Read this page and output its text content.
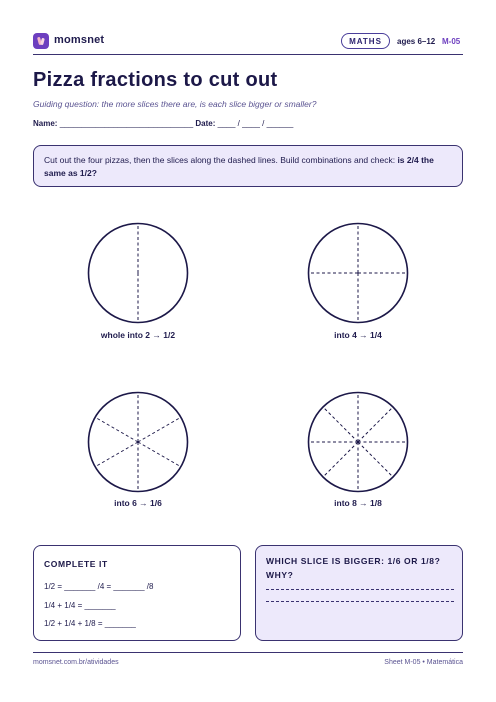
momsnet	MATHS	ages 6–12 M-05
Pizza fractions to cut out
Guiding question: the more slices there are, is each slice bigger or smaller?
Name: ______________________________ Date: ____ / ____ / ______
Cut out the four pizzas, then the slices along the dashed lines. Build combinations and check: is 2/4 the same as 1/2?
whole into 2 → 1/2	into 4 → 1/4
into 6 → 1/6	into 8 → 1/8
COMPLETE IT
1/2 = _______ /4 = _______ /8
1/4 + 1/4 = _______
1/2 + 1/4 + 1/8 = _______
WHICH SLICE IS BIGGER: 1/6 OR 1/8?
WHY?
momsnet.com.br/atividades	Sheet M-05 • Matemática
